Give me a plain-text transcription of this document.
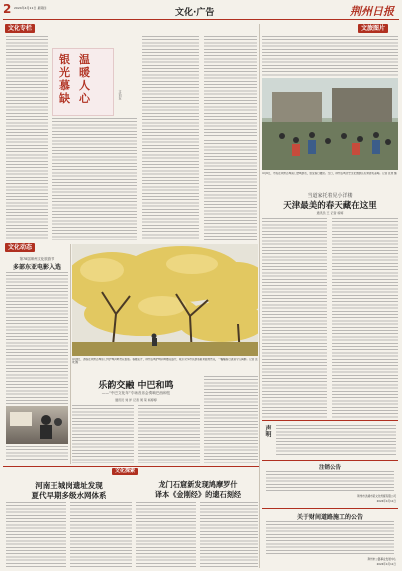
2 2024年4月11日 星期四	文化·广告	荆州日报
文化专栏
银
光
慕
缺
温
暖
人
心	文/刘东
文旅图片
4月6日，市民在荆州古城南门登城游览，感受春日暖阳。当日，荆州古城历史文化旅游区迎来游览高峰。记者 张欢 摄
当道家托着见小洋楼
天津最美的春天藏在这里
通讯员 王 记者 杨婷
文化动态
第78届荆州文化旅游节
多部东亚电影入选
4月8日，游客在荆州古城东门外护城河畔赏花拍照。春暖花开，荆州古城护城河畔樱花盛开，吸引众多市民游客前来踏青赏花，一幅幅春日美景令人陶醉。记者 张欢 摄
乐韵交融 中巴和鸣
——“中巴文化年”专场音乐会奏响巴西和弦
通讯员 刘 洋 记者 周 荣 杨婷婷
声明
文化探索
河南王城岗遗址发现
夏代早期多级水网体系
龙门石窟新发现鸠摩罗什
译本《金刚经》的遗石刻经
注销公告
荆州市洪湖市某文化传媒有限公司
2024年4月11日
关于财间道路施工的公告
荆州市公路事业发展中心
2024年4月11日
